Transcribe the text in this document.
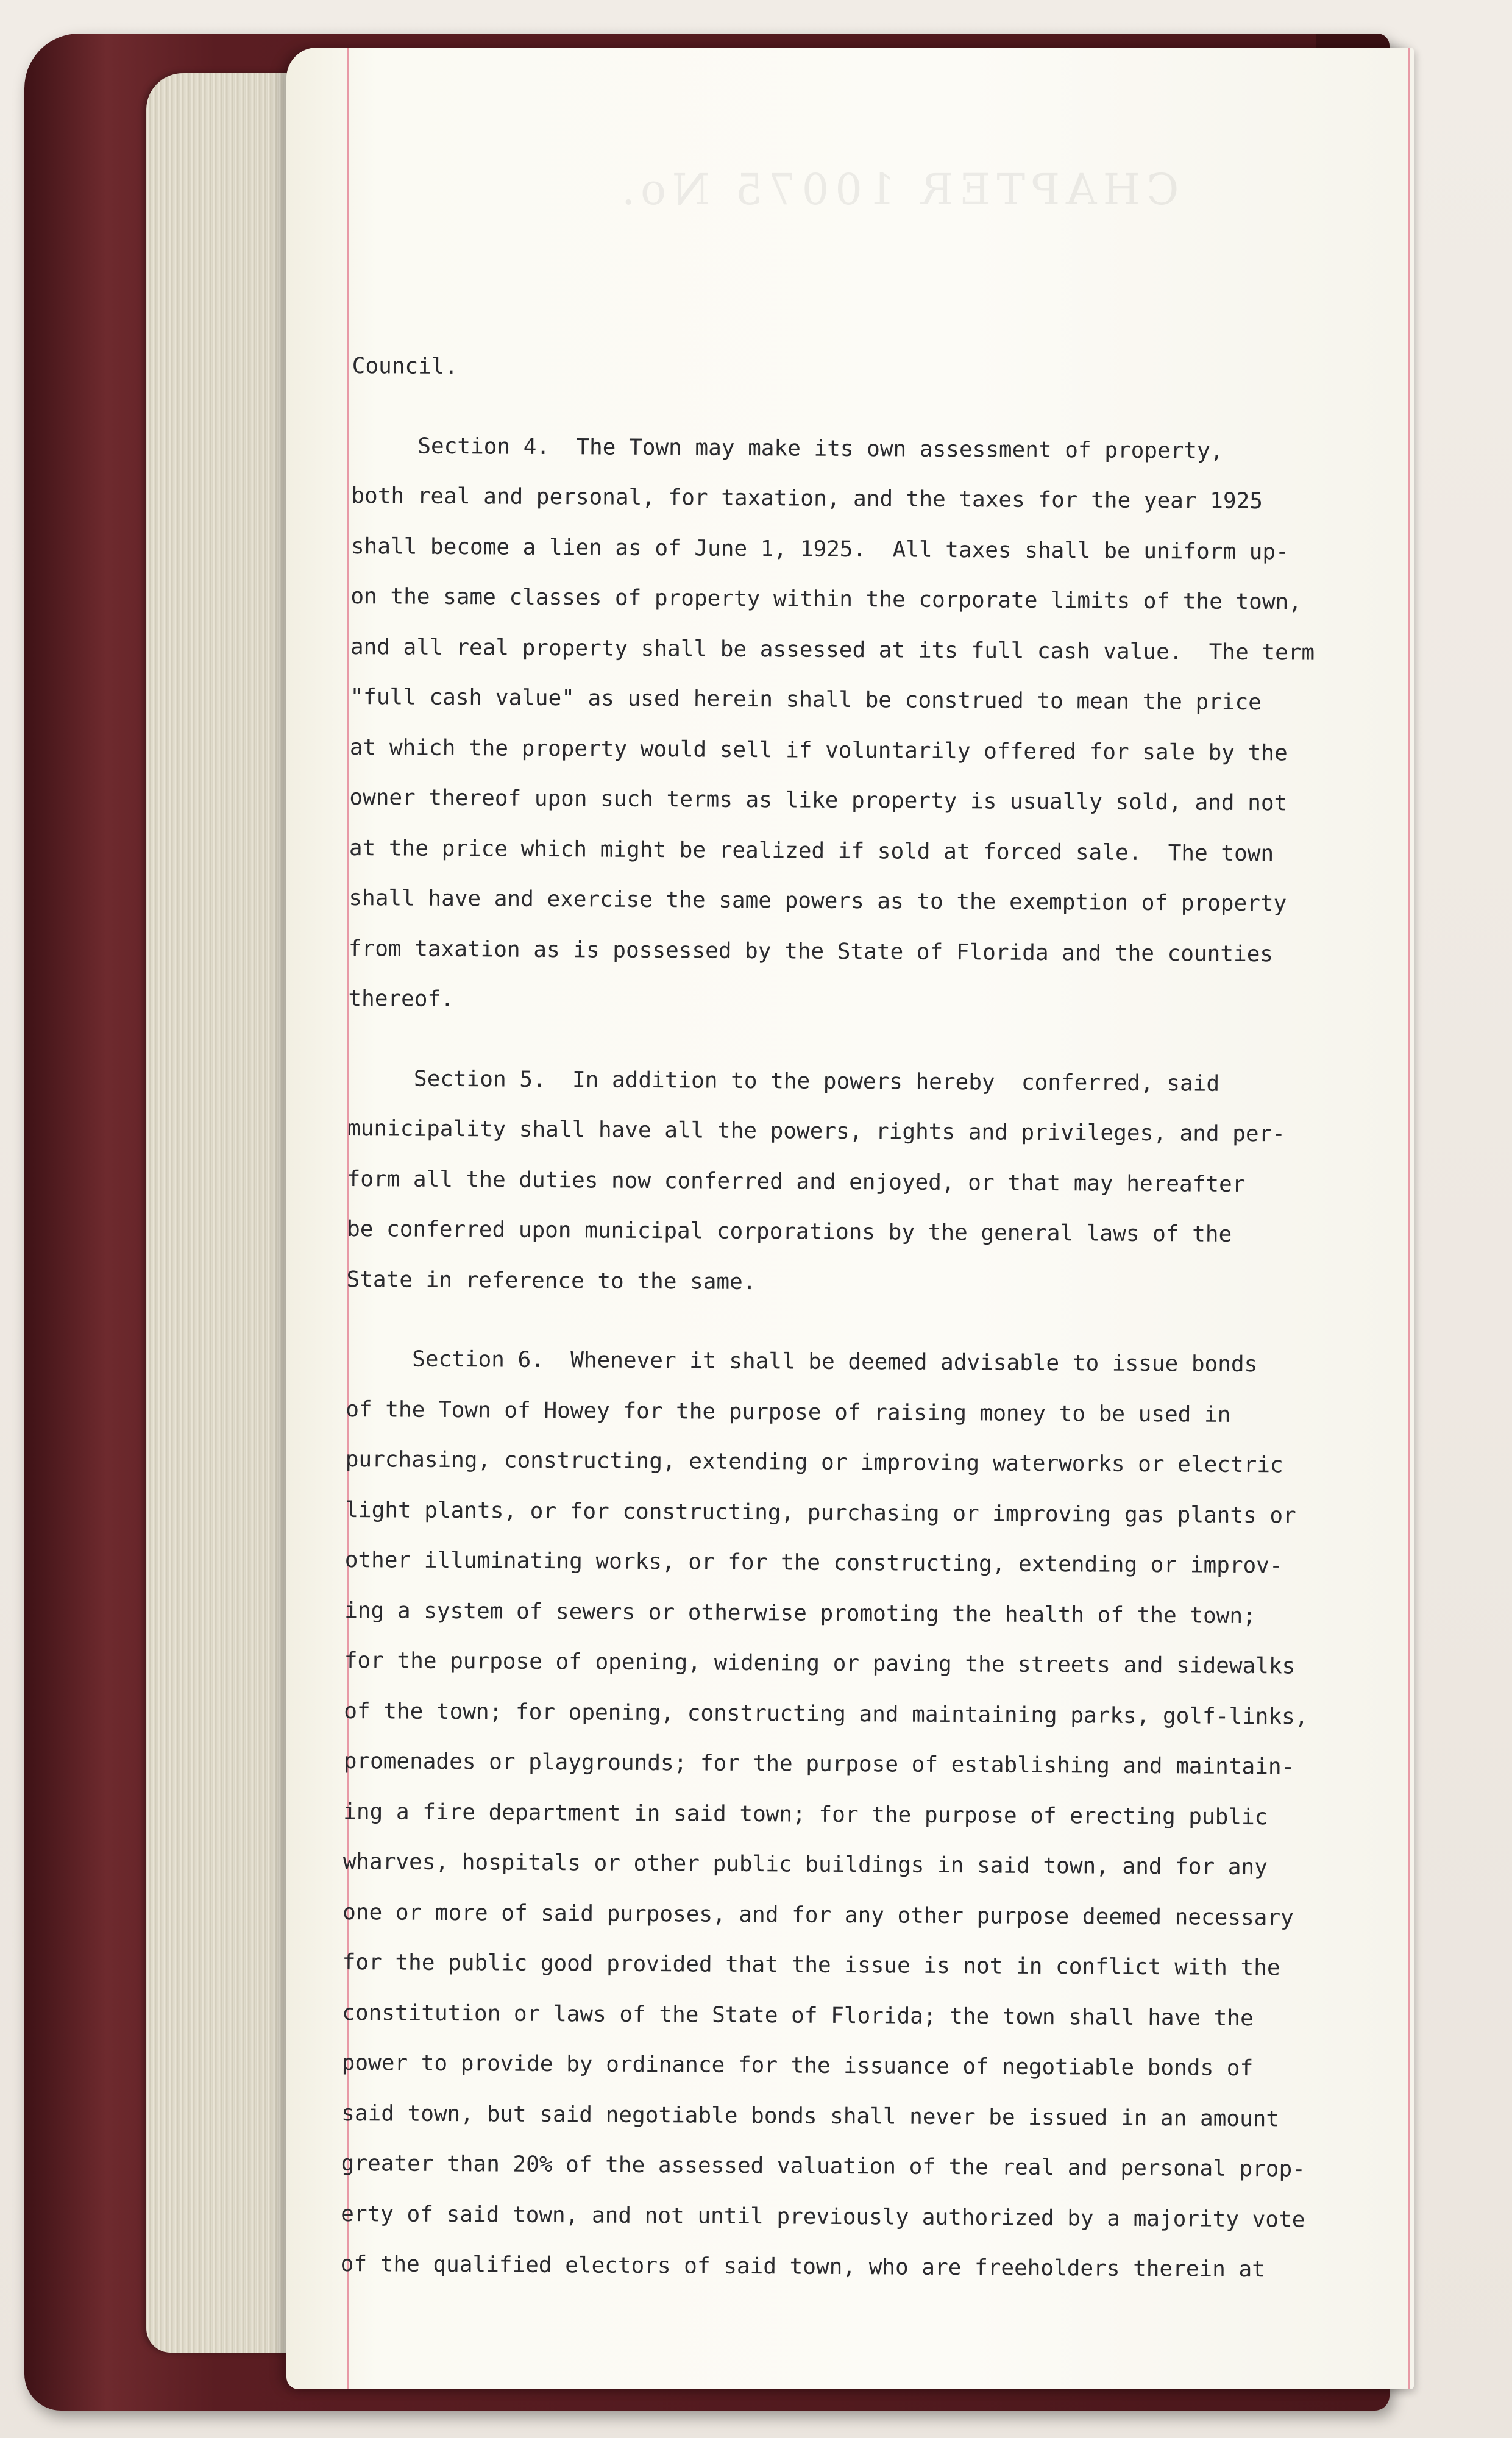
CHAPTER 10075 No.
Council.
Section 4.  The Town may make its own assessment of property,
both real and personal, for taxation, and the taxes for the year 1925
shall become a lien as of June 1, 1925.  All taxes shall be uniform up-
on the same classes of property within the corporate limits of the town,
and all real property shall be assessed at its full cash value.  The term
"full cash value" as used herein shall be construed to mean the price
at which the property would sell if voluntarily offered for sale by the
owner thereof upon such terms as like property is usually sold, and not
at the price which might be realized if sold at forced sale.  The town
shall have and exercise the same powers as to the exemption of property
from taxation as is possessed by the State of Florida and the counties
thereof.
Section 5.  In addition to the powers hereby  conferred, said
municipality shall have all the powers, rights and privileges, and per-
form all the duties now conferred and enjoyed, or that may hereafter
be conferred upon municipal corporations by the general laws of the
State in reference to the same.
Section 6.  Whenever it shall be deemed advisable to issue bonds
of the Town of Howey for the purpose of raising money to be used in
purchasing, constructing, extending or improving waterworks or electric
light plants, or for constructing, purchasing or improving gas plants or
other illuminating works, or for the constructing, extending or improv-
ing a system of sewers or otherwise promoting the health of the town;
for the purpose of opening, widening or paving the streets and sidewalks
of the town; for opening, constructing and maintaining parks, golf-links,
promenades or playgrounds; for the purpose of establishing and maintain-
ing a fire department in said town; for the purpose of erecting public
wharves, hospitals or other public buildings in said town, and for any
one or more of said purposes, and for any other purpose deemed necessary
for the public good provided that the issue is not in conflict with the
constitution or laws of the State of Florida; the town shall have the
power to provide by ordinance for the issuance of negotiable bonds of
said town, but said negotiable bonds shall never be issued in an amount
greater than 20% of the assessed valuation of the real and personal prop-
erty of said town, and not until previously authorized by a majority vote
of the qualified electors of said town, who are freeholders therein at
